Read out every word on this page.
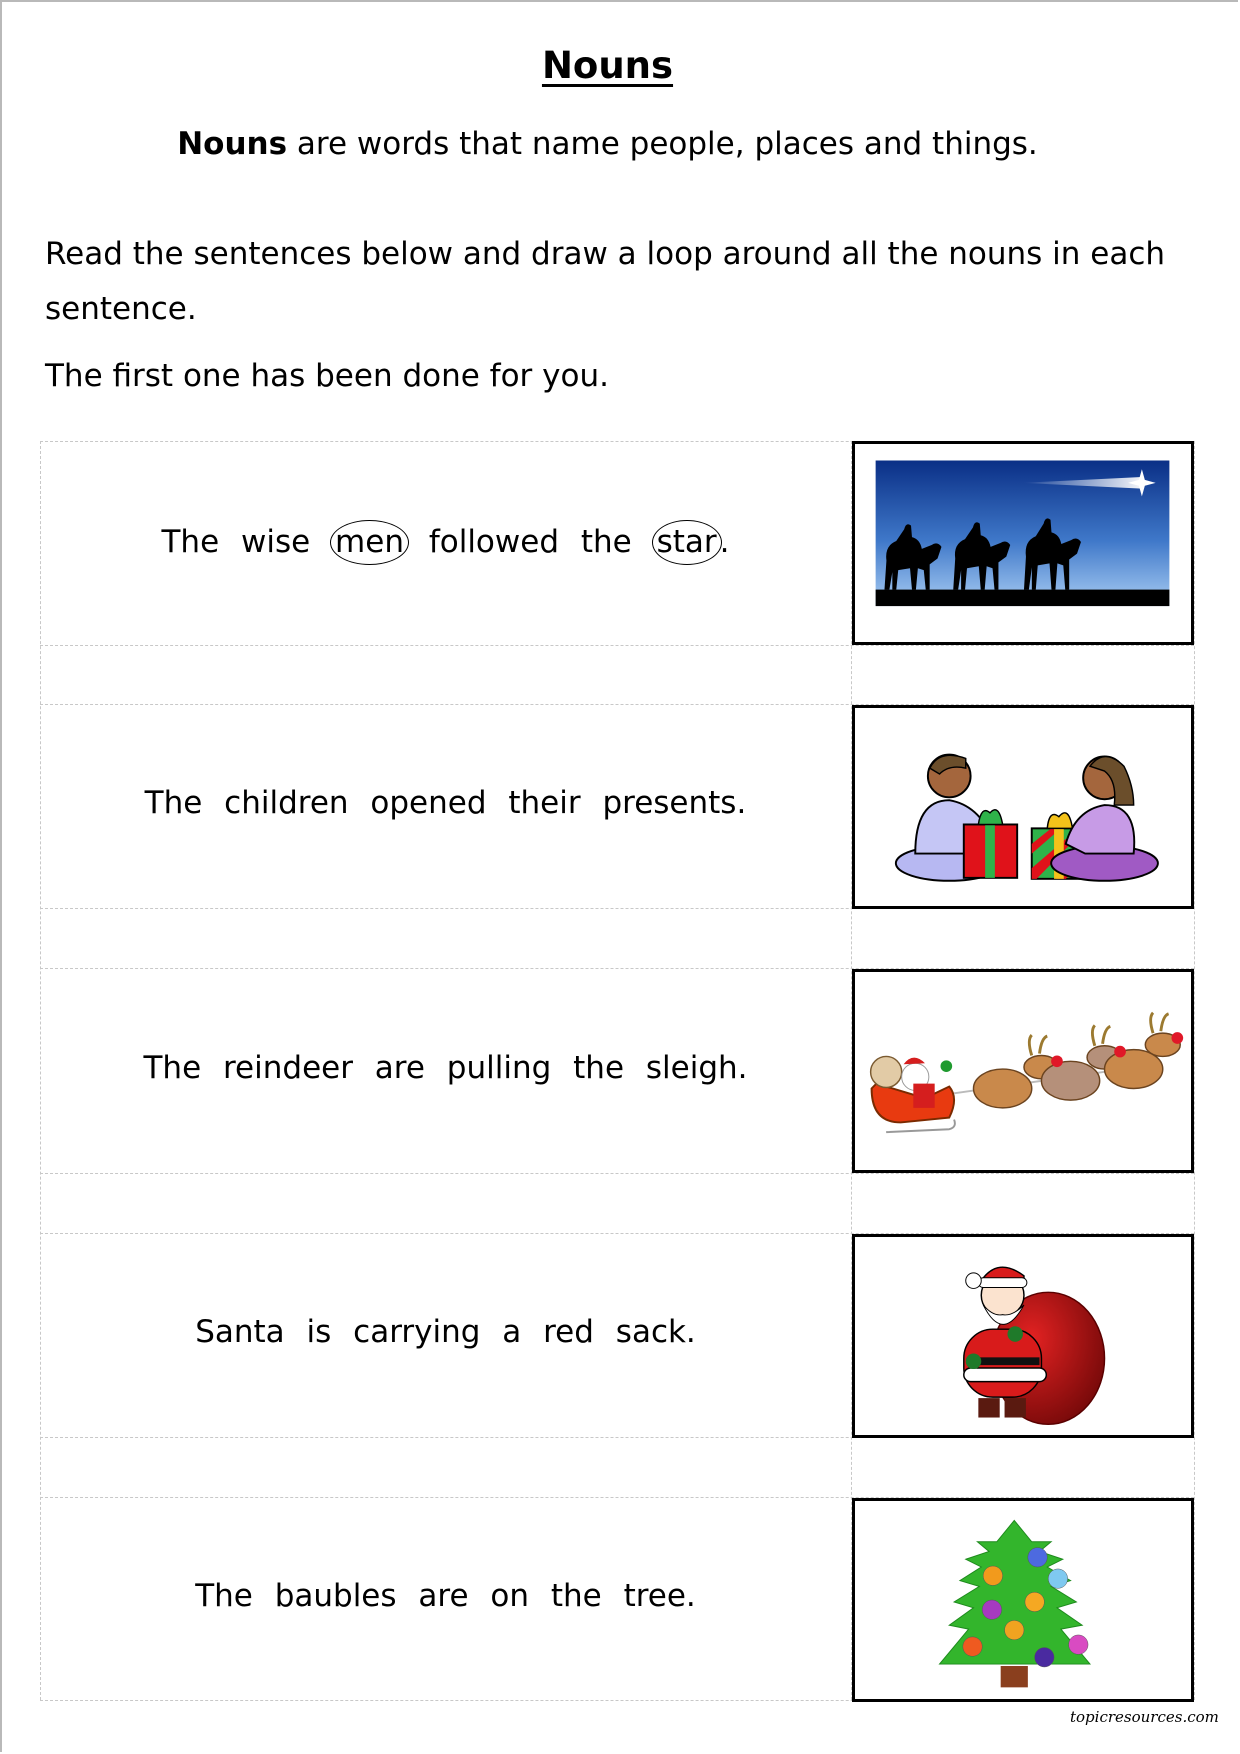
Nouns
Nouns are words that name people, places and things.
Read the sentences below and draw a loop around all the nouns in each
sentence.
The first one has been done for you.
The wise men followed the star.
The children opened their presents.
The reindeer are pulling the sleigh.
Santa is carrying a red sack.
The baubles are on the tree.
topicresources.com
